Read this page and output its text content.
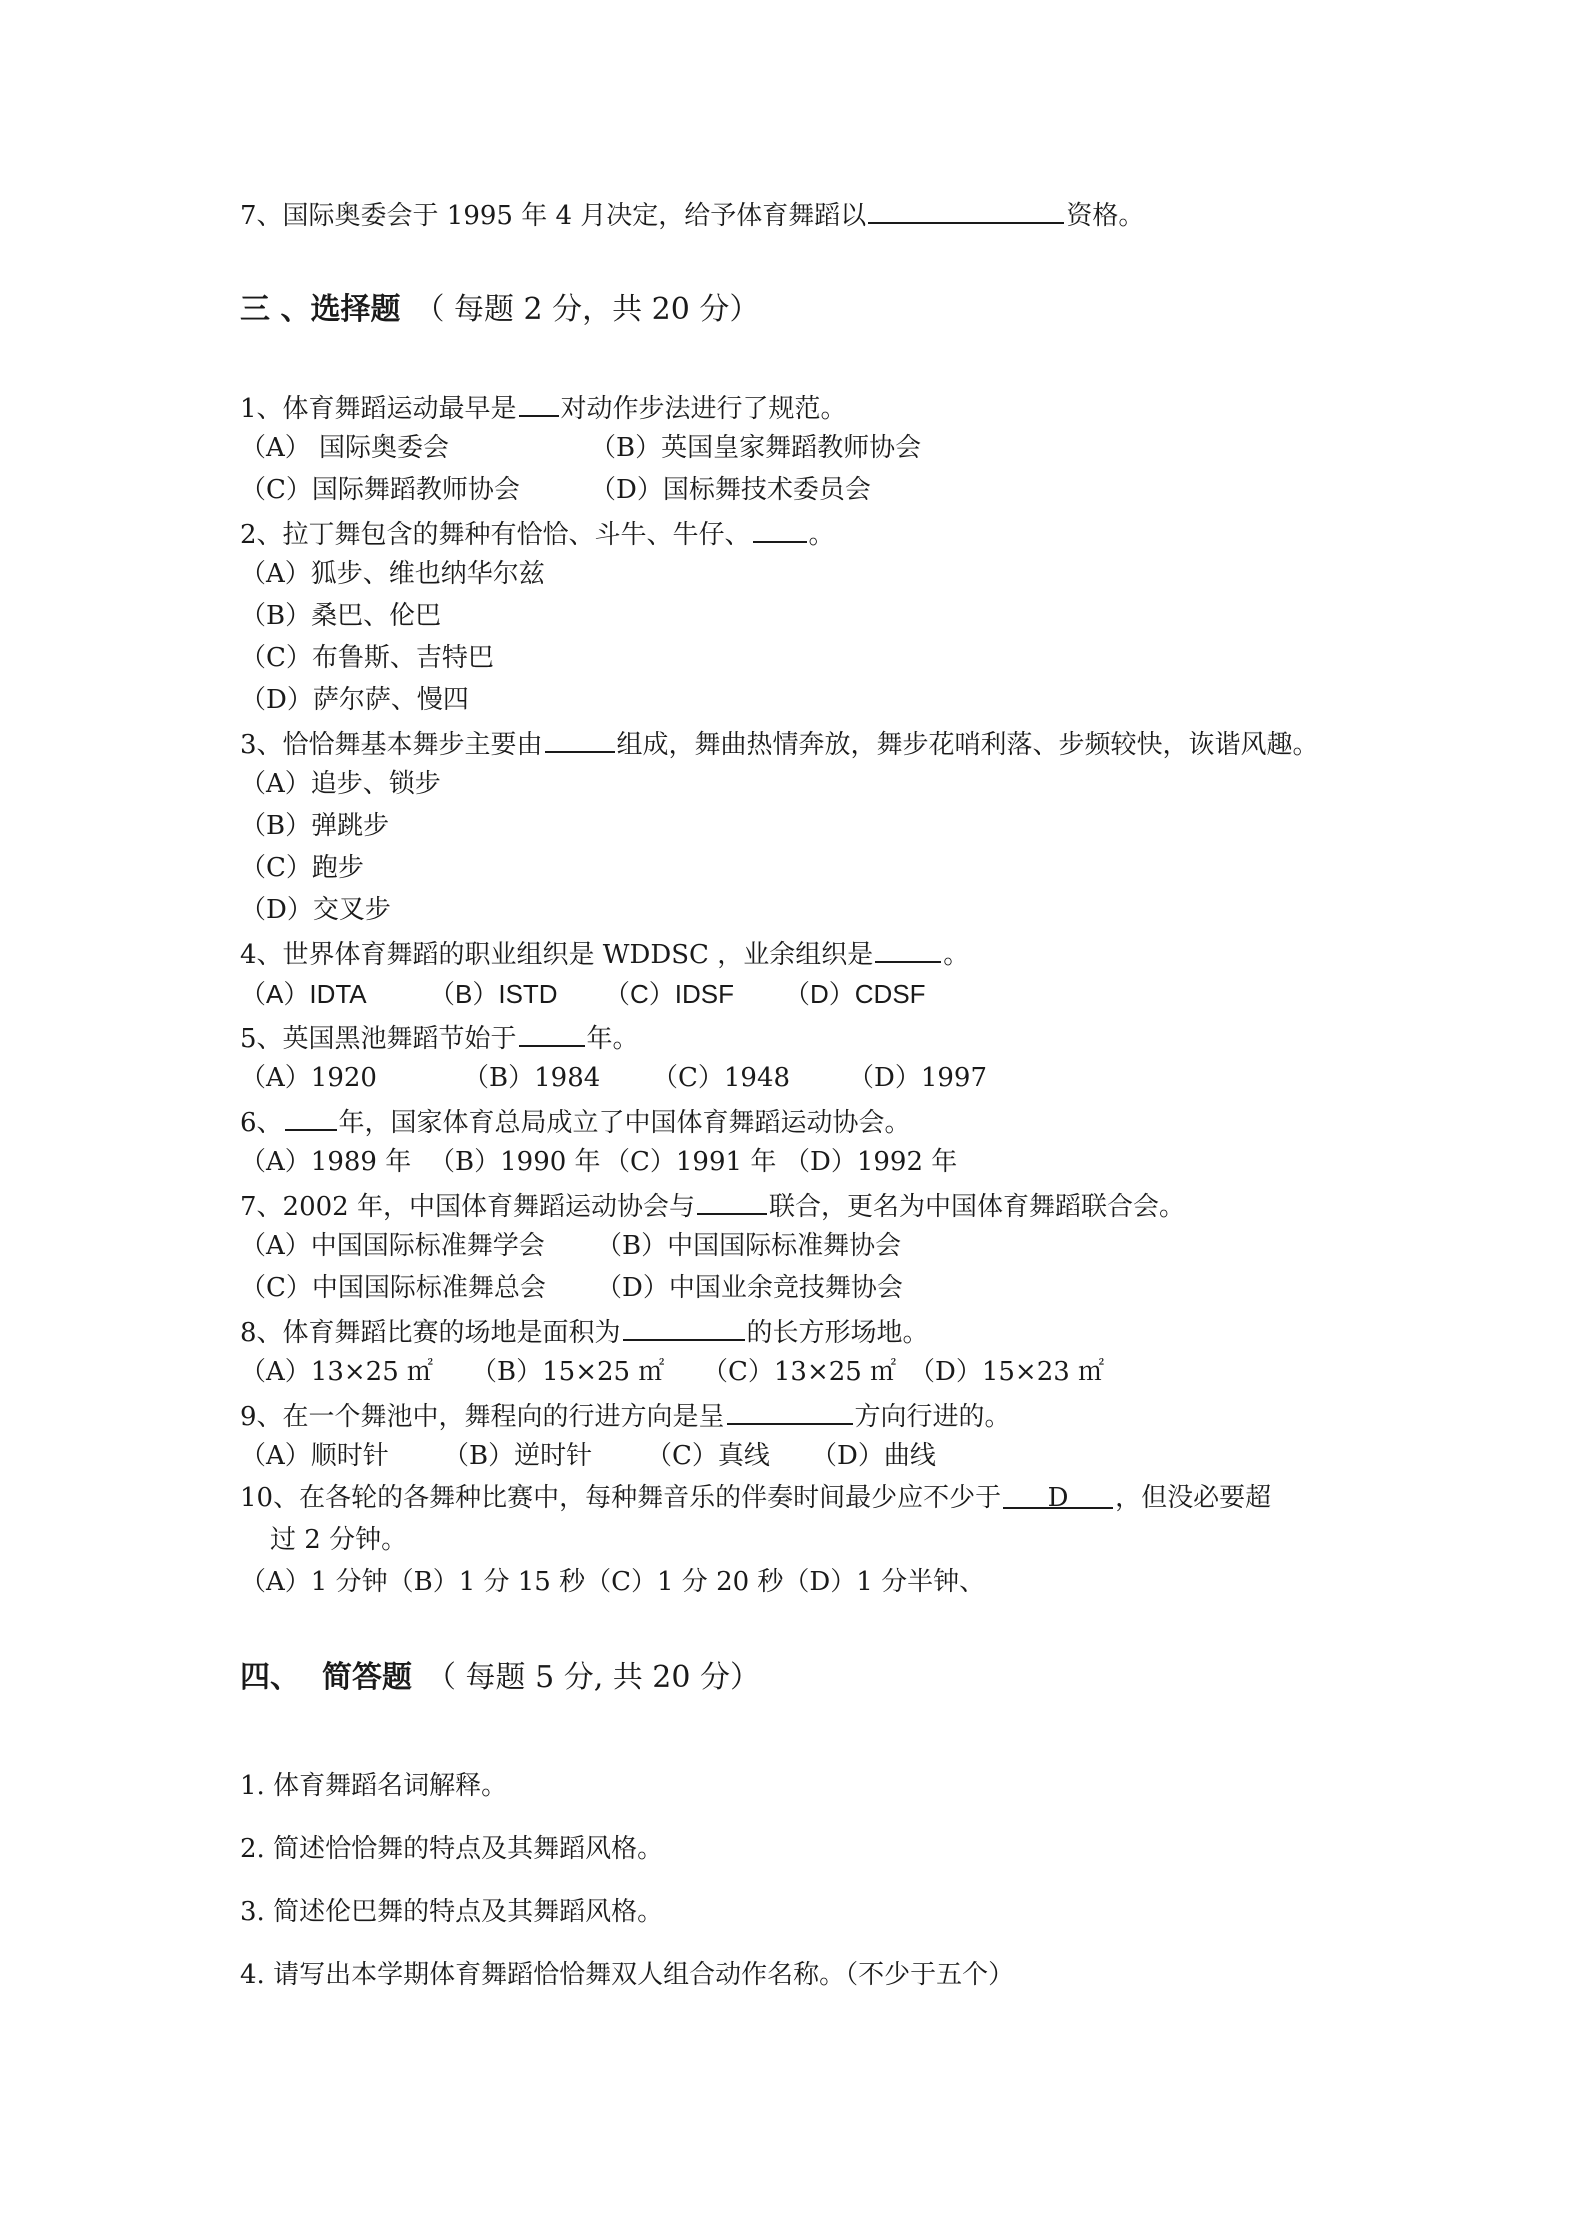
7、国际奥委会于 1995 年 4 月决定，给予体育舞蹈以	资格。
三 、选择题 （ 每题 2 分，共 20 分）
1、体育舞蹈运动最早是 对动作步法进行了规范。
（A） 国际奥委会	（B）英国皇家舞蹈教师协会
（C）国际舞蹈教师协会	（D）国标舞技术委员会
2、拉丁舞包含的舞种有恰恰、斗牛、牛仔、 。
（A）狐步、维也纳华尔兹
（B）桑巴、伦巴
（C）布鲁斯、吉特巴
（D）萨尔萨、慢四
3、恰恰舞基本舞步主要由	组成，舞曲热情奔放，舞步花哨利落、步频较快，诙谐风趣。
（A）追步、锁步
（B）弹跳步
（C）跑步
（D）交叉步
4、世界体育舞蹈的职业组织是 WDDSC ，业余组织是	。
（A）IDTA （B）ISTD （C）IDSF （D）CDSF
5、英国黑池舞蹈节始于	年。
（A）1920	（B）1984 （C）1948 （D）1997
6、 年，国家体育总局成立了中国体育舞蹈运动协会。
（A）1989 年 （B）1990 年 （C）1991 年 （D）1992 年
7、2002 年，中国体育舞蹈运动协会与	联合，更名为中国体育舞蹈联合会。
（A）中国国际标准舞学会 （B）中国国际标准舞协会
（C）中国国际标准舞总会 （D）中国业余竞技舞协会
8、体育舞蹈比赛的场地是面积为	的长方形场地。
（A）13×25 ㎡ （B）15×25 ㎡ （C）13×25 ㎡ （D）15×23 ㎡
9、在一个舞池中，舞程向的行进方向是呈	方向行进的。
（A）顺时针 （B）逆时针 （C）真线 （D）曲线
10、在各轮的各舞种比赛中，每种舞音乐的伴奏时间最少应不少于 D ，但没必要超
过 2 分钟。
（A）1 分钟（B）1 分 15 秒（C）1 分 20 秒（D）1 分半钟、
四、 简答题 （ 每题 5 分, 共 20 分）
1. 体育舞蹈名词解释。
2. 简述恰恰舞的特点及其舞蹈风格。
3. 简述伦巴舞的特点及其舞蹈风格。
4. 请写出本学期体育舞蹈恰恰舞双人组合动作名称。（不少于五个）
